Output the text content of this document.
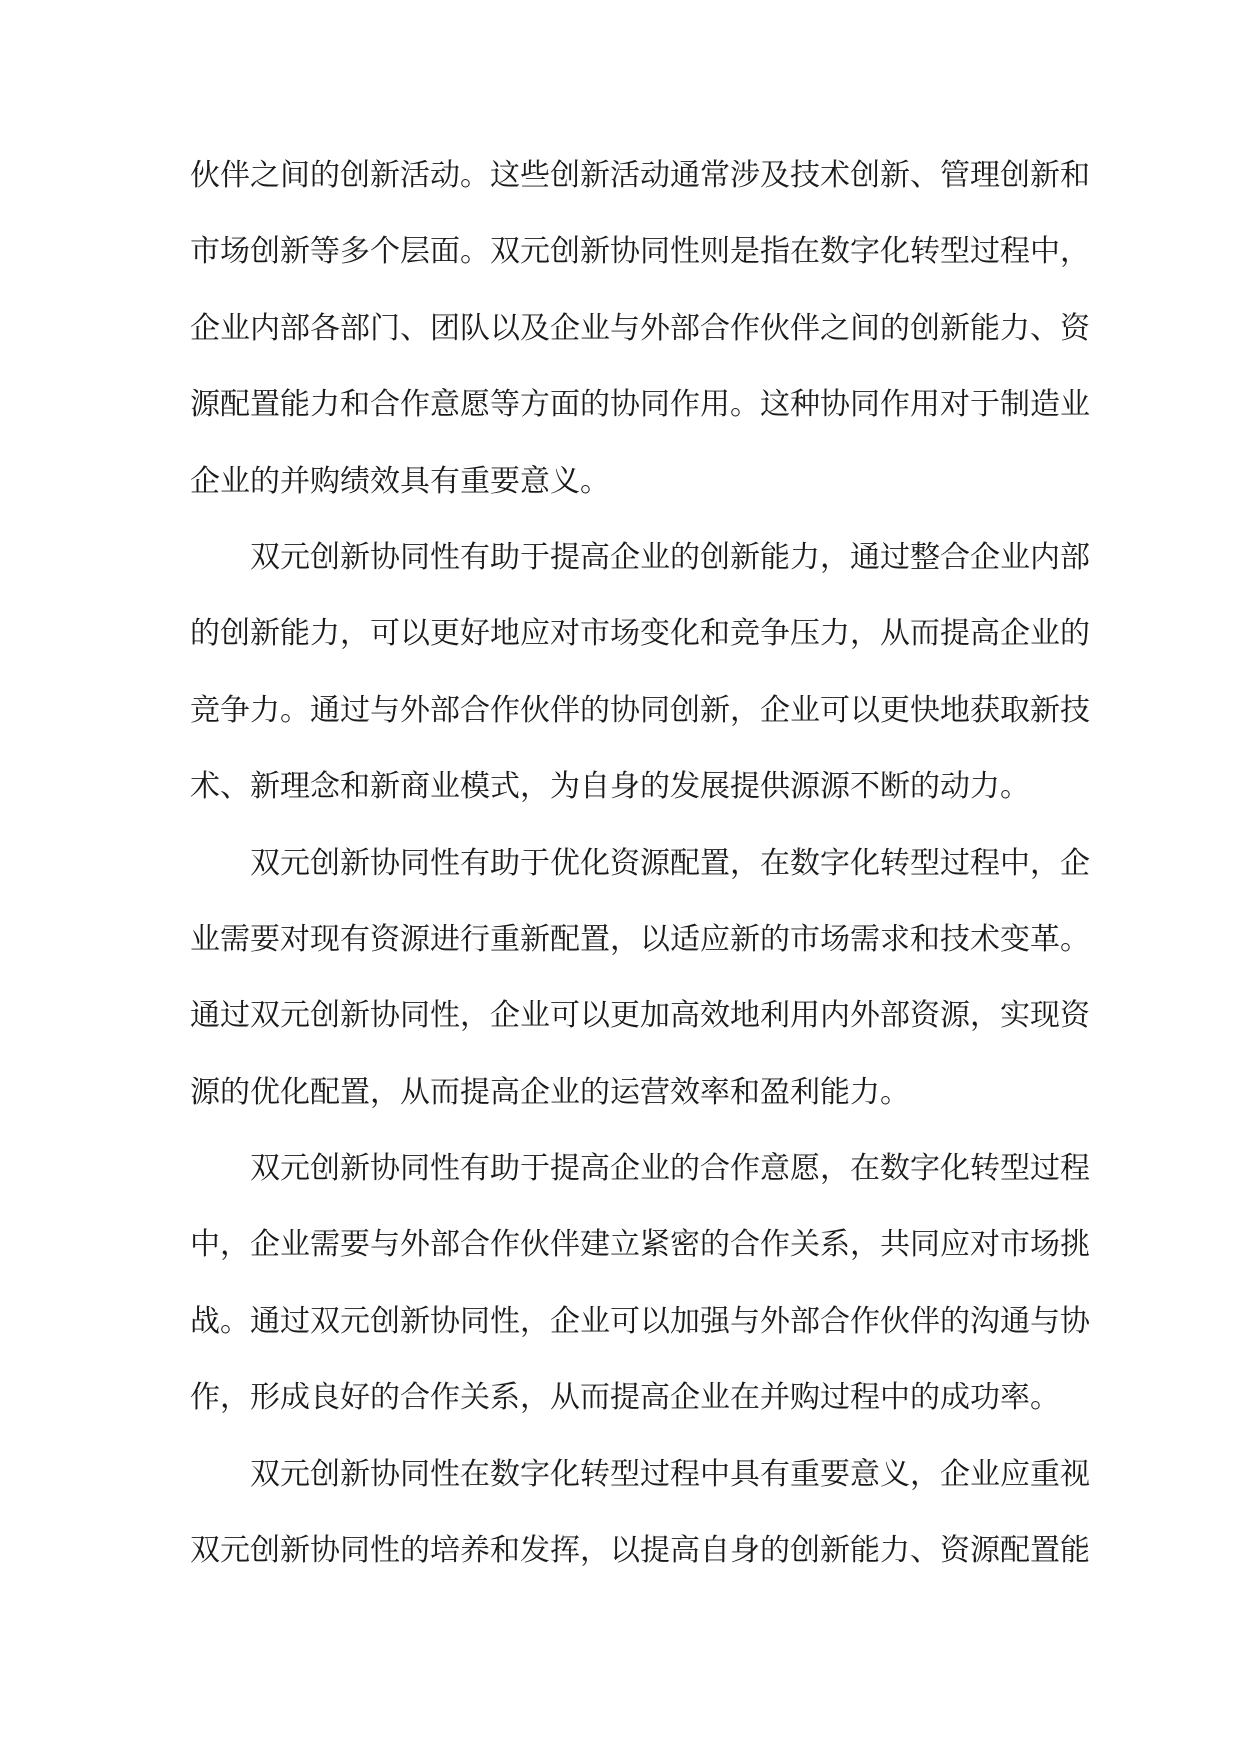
伙伴之间的创新活动。这些创新活动通常涉及技术创新、管理创新和
市场创新等多个层面。双元创新协同性则是指在数字化转型过程中，
企业内部各部门、团队以及企业与外部合作伙伴之间的创新能力、资
源配置能力和合作意愿等方面的协同作用。这种协同作用对于制造业
企业的并购绩效具有重要意义。
双元创新协同性有助于提高企业的创新能力，通过整合企业内部
的创新能力，可以更好地应对市场变化和竞争压力，从而提高企业的
竞争力。通过与外部合作伙伴的协同创新，企业可以更快地获取新技
术、新理念和新商业模式，为自身的发展提供源源不断的动力。
双元创新协同性有助于优化资源配置，在数字化转型过程中，企
业需要对现有资源进行重新配置，以适应新的市场需求和技术变革。
通过双元创新协同性，企业可以更加高效地利用内外部资源，实现资
源的优化配置，从而提高企业的运营效率和盈利能力。
双元创新协同性有助于提高企业的合作意愿，在数字化转型过程
中，企业需要与外部合作伙伴建立紧密的合作关系，共同应对市场挑
战。通过双元创新协同性，企业可以加强与外部合作伙伴的沟通与协
作，形成良好的合作关系，从而提高企业在并购过程中的成功率。
双元创新协同性在数字化转型过程中具有重要意义，企业应重视
双元创新协同性的培养和发挥，以提高自身的创新能力、资源配置能
